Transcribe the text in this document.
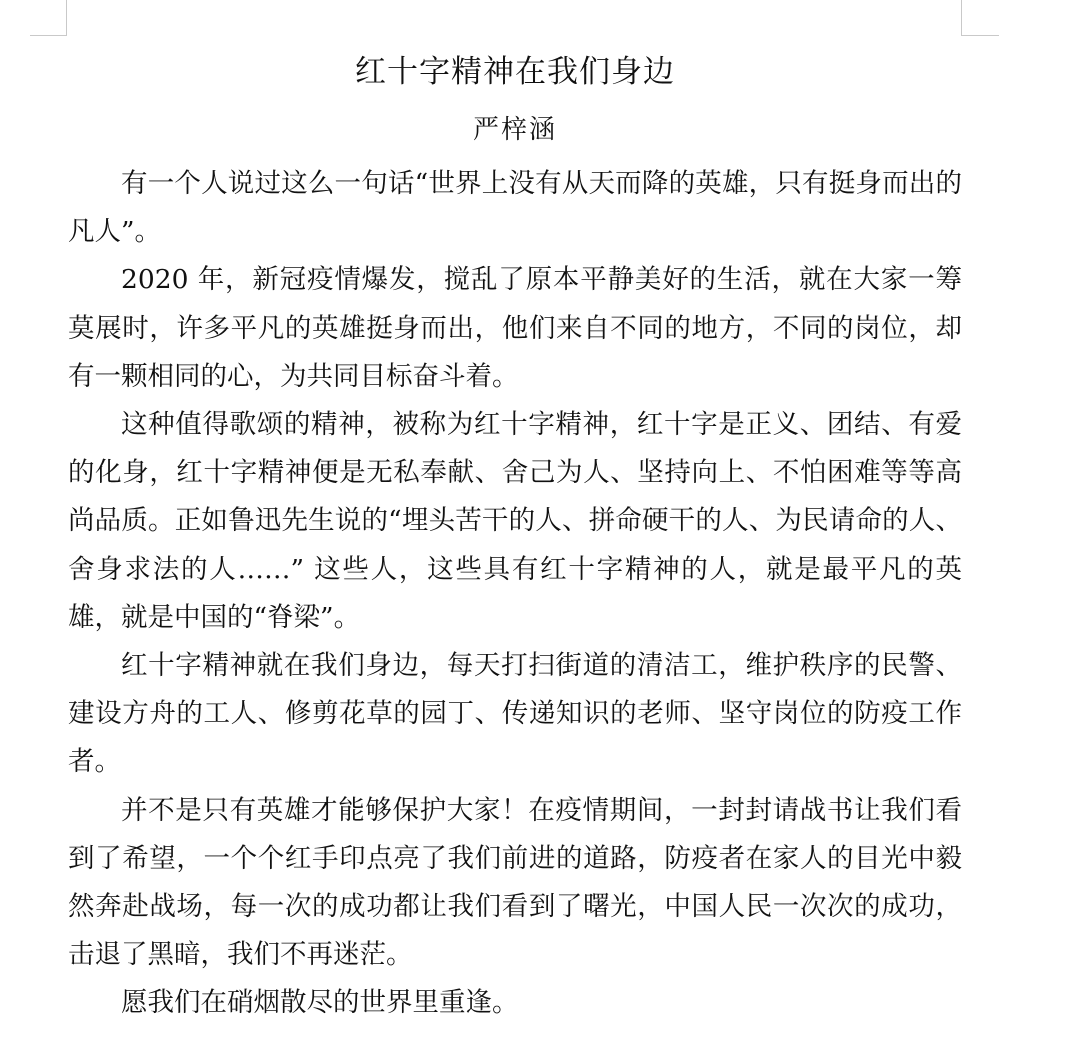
红十字精神在我们身边
严梓涵

有一个人说过这么一句话“世界上没有从天而降的英雄，只有挺身而出的凡人”。

2020 年，新冠疫情爆发，搅乱了原本平静美好的生活，就在大家一筹莫展时，许多平凡的英雄挺身而出，他们来自不同的地方，不同的岗位，却有一颗相同的心，为共同目标奋斗着。

这种值得歌颂的精神，被称为红十字精神，红十字是正义、团结、有爱的化身，红十字精神便是无私奉献、舍己为人、坚持向上、不怕困难等等高尚品质。正如鲁迅先生说的“埋头苦干的人、拼命硬干的人、为民请命的人、舍身求法的人……” 这些人，这些具有红十字精神的人，就是最平凡的英雄，就是中国的“脊梁”。

红十字精神就在我们身边，每天打扫街道的清洁工，维护秩序的民警、建设方舟的工人、修剪花草的园丁、传递知识的老师、坚守岗位的防疫工作者。

并不是只有英雄才能够保护大家！在疫情期间，一封封请战书让我们看到了希望，一个个红手印点亮了我们前进的道路，防疫者在家人的目光中毅然奔赴战场，每一次的成功都让我们看到了曙光，中国人民一次次的成功，击退了黑暗，我们不再迷茫。

愿我们在硝烟散尽的世界里重逢。
